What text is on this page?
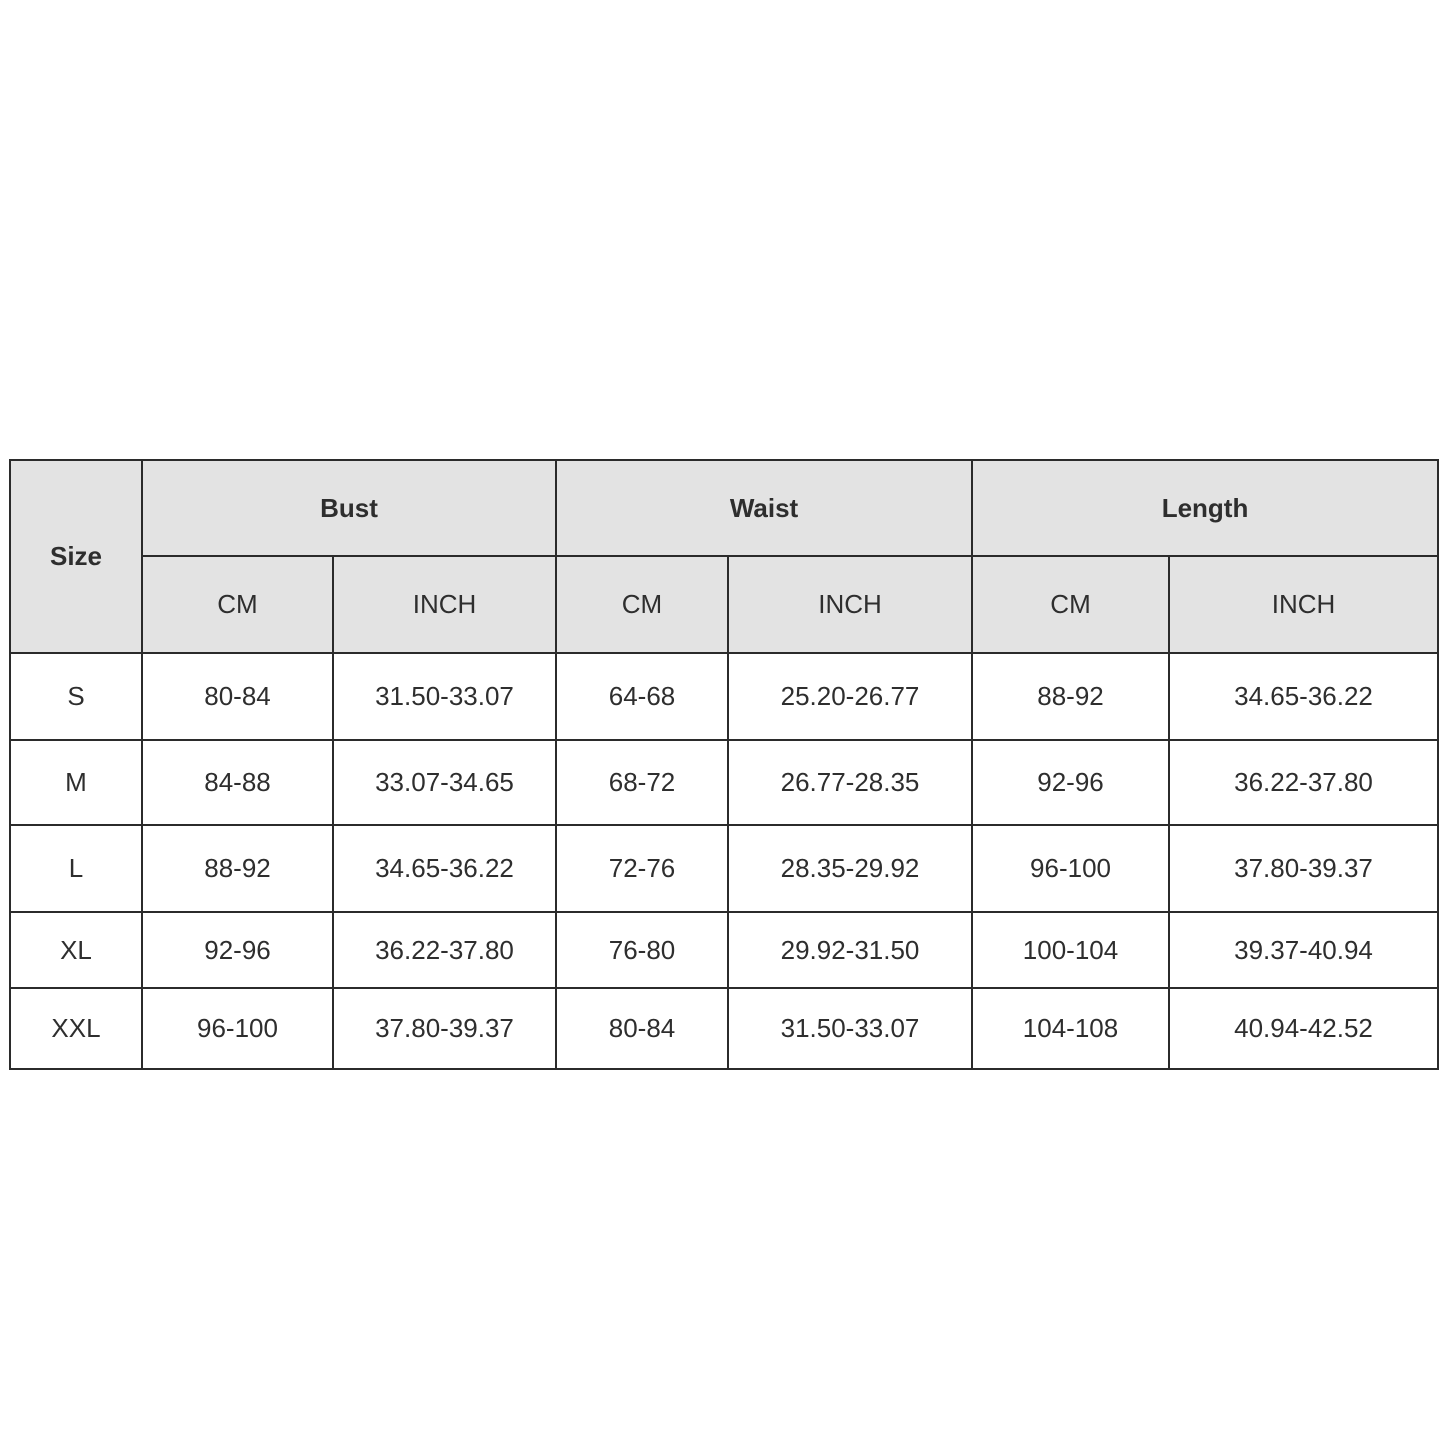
Size	Bust		Waist		Length	
	CM	INCH	CM	INCH	CM	INCH
S	80-84	31.50-33.07	64-68	25.20-26.77	88-92	34.65-36.22
M	84-88	33.07-34.65	68-72	26.77-28.35	92-96	36.22-37.80
L	88-92	34.65-36.22	72-76	28.35-29.92	96-100	37.80-39.37
XL	92-96	36.22-37.80	76-80	29.92-31.50	100-104	39.37-40.94
XXL	96-100	37.80-39.37	80-84	31.50-33.07	104-108	40.94-42.52
